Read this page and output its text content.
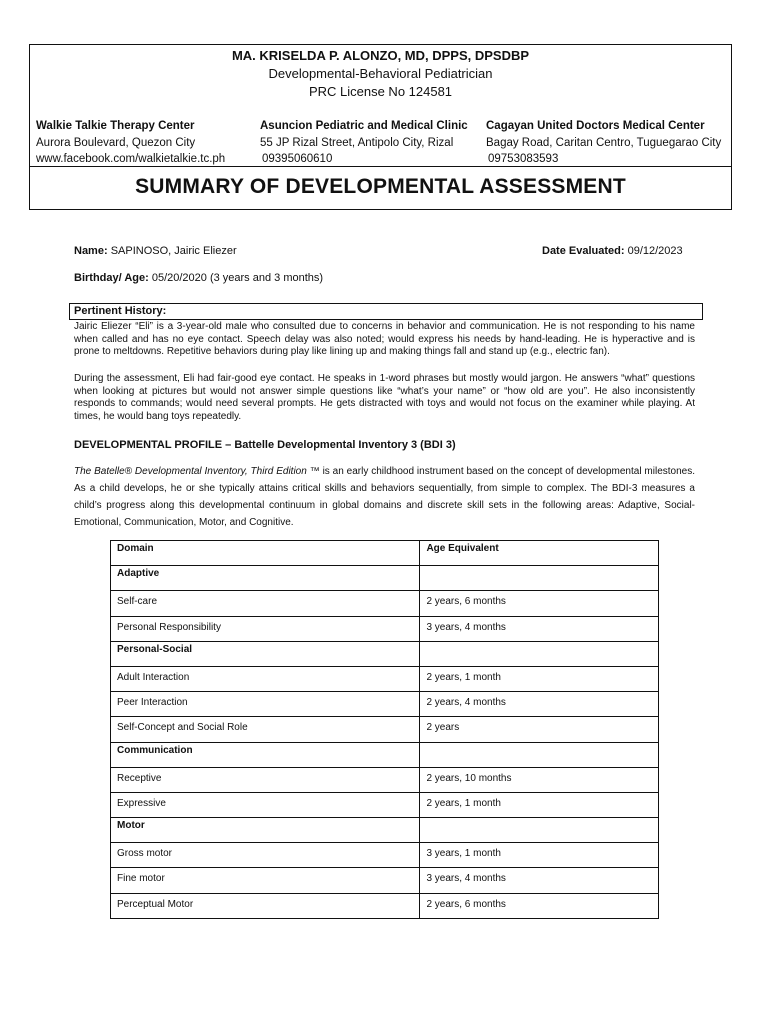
MA. KRISELDA P. ALONZO, MD, DPPS, DPSDBP
Developmental-Behavioral Pediatrician
PRC License No 124581
Walkie Talkie Therapy Center
Aurora Boulevard, Quezon City
www.facebook.com/walkietalkie.tc.ph
Asuncion Pediatric and Medical Clinic
55 JP Rizal Street, Antipolo City, Rizal
09395060610
Cagayan United Doctors Medical Center
Bagay Road, Caritan Centro, Tuguegarao City
09753083593
SUMMARY OF DEVELOPMENTAL ASSESSMENT
Name: SAPINOSO, Jairic Eliezer	Date Evaluated: 09/12/2023
Birthday/ Age: 05/20/2020 (3 years and 3 months)
Pertinent History:

Jairic Eliezer “Eli” is a 3-year-old male who consulted due to concerns in behavior and communication. He is not responding to his name when called and has no eye contact. Speech delay was also noted; would express his needs by hand-leading. He is hyperactive and is prone to meltdowns. Repetitive behaviors during play like lining up and making things fall and stand up (e.g., electric fan).

During the assessment, Eli had fair-good eye contact. He speaks in 1-word phrases but mostly would jargon. He answers “what” questions when looking at pictures but would not answer simple questions like “what’s your name” or “how old are you”. He also inconsistently responds to commands; would need several prompts. He gets distracted with toys and would not focus on the examiner while playing. At times, he would bang toys repeatedly.

DEVELOPMENTAL PROFILE – Battelle Developmental Inventory 3 (BDI 3)

The Batelle® Developmental Inventory, Third Edition ™ is an early childhood instrument based on the concept of developmental milestones. As a child develops, he or she typically attains critical skills and behaviors sequentially, from simple to complex. The BDI-3 measures a child’s progress along this developmental continuum in global domains and discrete skill sets in the following areas: Adaptive, Social-Emotional, Communication, Motor, and Cognitive.

Domain	Age Equivalent
Adaptive	
Self-care	2 years, 6 months
Personal Responsibility	3 years, 4 months
Personal-Social	
Adult Interaction	2 years, 1 month
Peer Interaction	2 years, 4 months
Self-Concept and Social Role	2 years
Communication	
Receptive	2 years, 10 months
Expressive	2 years, 1 month
Motor	
Gross motor	3 years, 1 month
Fine motor	3 years, 4 months
Perceptual Motor	2 years, 6 months
